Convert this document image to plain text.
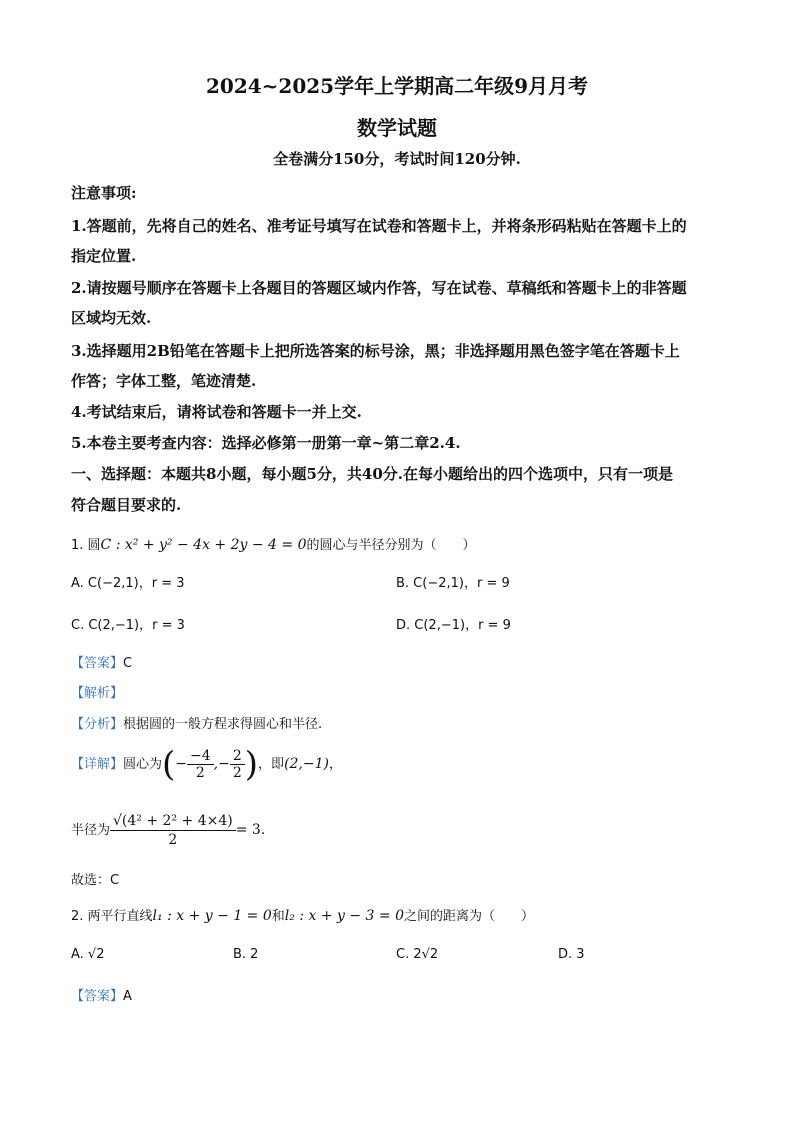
2024~2025学年上学期高二年级9月月考
数学试题
全卷满分150分，考试时间120分钟.
注意事项:
1.答题前，先将自己的姓名、准考证号填写在试卷和答题卡上，并将条形码粘贴在答题卡上的
指定位置.
2.请按题号顺序在答题卡上各题目的答题区域内作答，写在试卷、草稿纸和答题卡上的非答题
区域均无效.
3.选择题用2B铅笔在答题卡上把所选答案的标号涂，黑；非选择题用黑色签字笔在答题卡上
作答；字体工整，笔迹清楚.
4.考试结束后，请将试卷和答题卡一并上交.
5.本卷主要考查内容：选择必修第一册第一章~第二章2.4.
一、选择题：本题共8小题，每小题5分，共40分.在每小题给出的四个选项中，只有一项是
符合题目要求的.
1. 圆C : x² + y² − 4x + 2y − 4 = 0的圆心与半径分别为（　　）
A. C(−2,1)，r = 3	B. C(−2,1)，r = 9
C. C(2,−1)，r = 3	D. C(2,−1)，r = 9
【答案】C
【解析】
【分析】根据圆的一般方程求得圆心和半径.
【详解】圆心为(− $\frac{-4}{2}$ ,− $\frac{2}{2}$ )，即(2,−1)，
半径为 $\frac{\text{√(4² + 2² + 4×4)}}{2} = 3$.
故选：C
2. 两平行直线l₁ : x + y − 1 = 0和l₂ : x + y − 3 = 0之间的距离为（　　）
A. √2	B. 2	C. 2√2	D. 3
【答案】A
